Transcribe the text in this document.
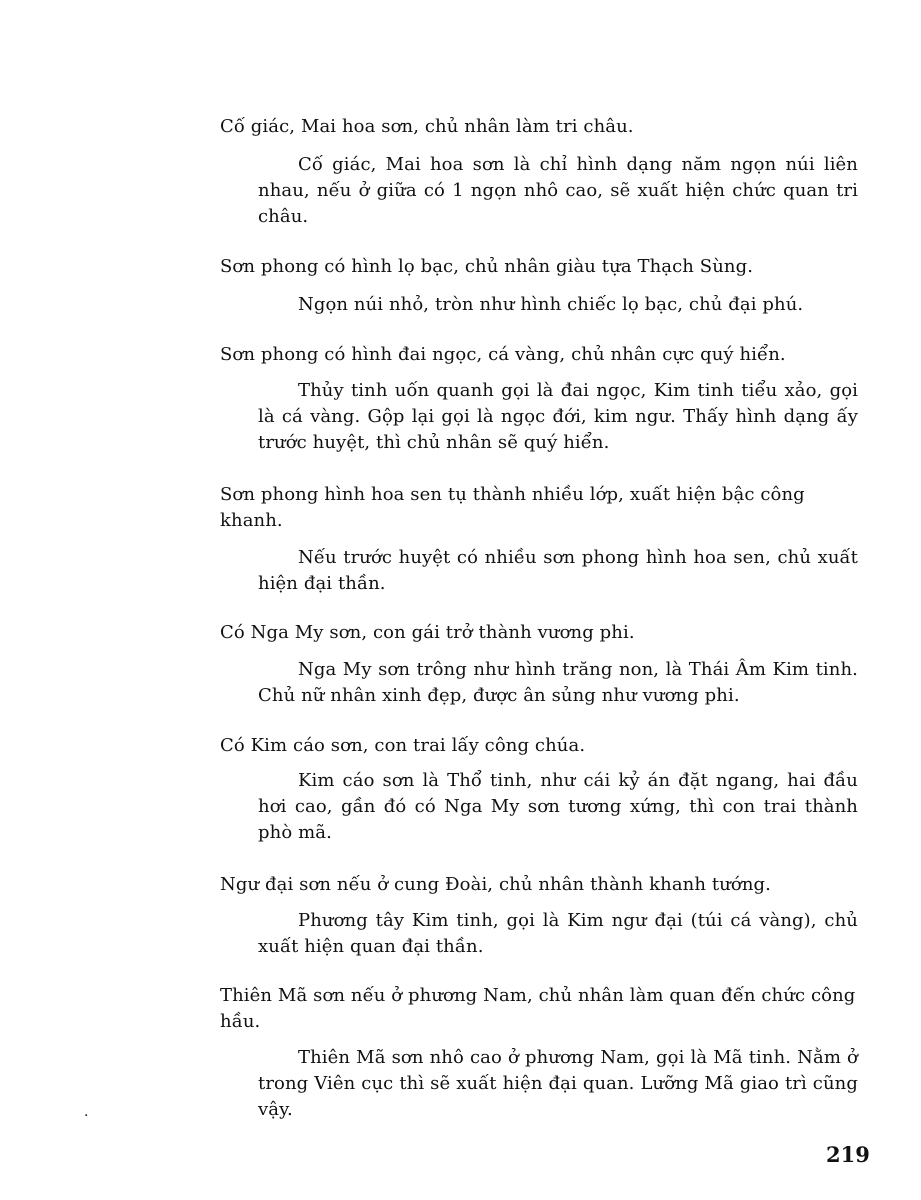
Cố giác, Mai hoa sơn, chủ nhân làm tri châu.
Cố giác, Mai hoa sơn là chỉ hình dạng năm ngọn núi liên nhau, nếu ở giữa có 1 ngọn nhô cao, sẽ xuất hiện chức quan tri châu.
Sơn phong có hình lọ bạc, chủ nhân giàu tựa Thạch Sùng.
Ngọn núi nhỏ, tròn như hình chiếc lọ bạc, chủ đại phú.
Sơn phong có hình đai ngọc, cá vàng, chủ nhân cực quý hiển.
Thủy tinh uốn quanh gọi là đai ngọc, Kim tinh tiểu xảo, gọi là cá vàng. Gộp lại gọi là ngọc đới, kim ngư. Thấy hình dạng ấy trước huyệt, thì chủ nhân sẽ quý hiển.
Sơn phong hình hoa sen tụ thành nhiều lớp, xuất hiện bậc công khanh.
Nếu trước huyệt có nhiều sơn phong hình hoa sen, chủ xuất hiện đại thần.
Có Nga My sơn, con gái trở thành vương phi.
Nga My sơn trông như hình trăng non, là Thái Âm Kim tinh. Chủ nữ nhân xinh đẹp, được ân sủng như vương phi.
Có Kim cáo sơn, con trai lấy công chúa.
Kim cáo sơn là Thổ tinh, như cái kỷ án đặt ngang, hai đầu hơi cao, gần đó có Nga My sơn tương xứng, thì con trai thành phò mã.
Ngư đại sơn nếu ở cung Đoài, chủ nhân thành khanh tướng.
Phương tây Kim tinh, gọi là Kim ngư đại (túi cá vàng), chủ xuất hiện quan đại thần.
Thiên Mã sơn nếu ở phương Nam, chủ nhân làm quan đến chức công hầu.
Thiên Mã sơn nhô cao ở phương Nam, gọi là Mã tinh. Nằm ở trong Viên cục thì sẽ xuất hiện đại quan. Lưỡng Mã giao trì cũng vậy.
·
219
